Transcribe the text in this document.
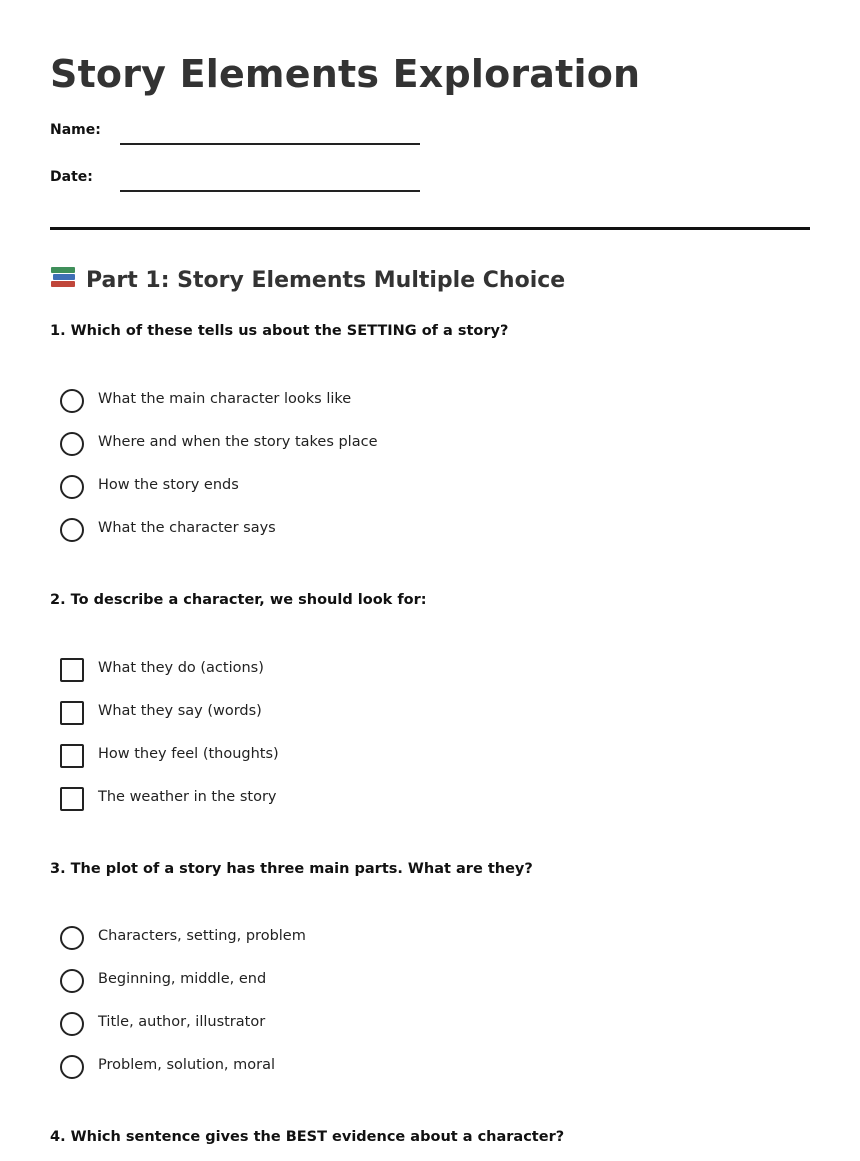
Story Elements Exploration
Name:
Date:
Part 1: Story Elements Multiple Choice

1. Which of these tells us about the SETTING of a story?

What the main character looks like
Where and when the story takes place
How the story ends
What the character says

2. To describe a character, we should look for:

What they do (actions)
What they say (words)
How they feel (thoughts)
The weather in the story

3. The plot of a story has three main parts. What are they?

Characters, setting, problem
Beginning, middle, end
Title, author, illustrator
Problem, solution, moral

4. Which sentence gives the BEST evidence about a character?
